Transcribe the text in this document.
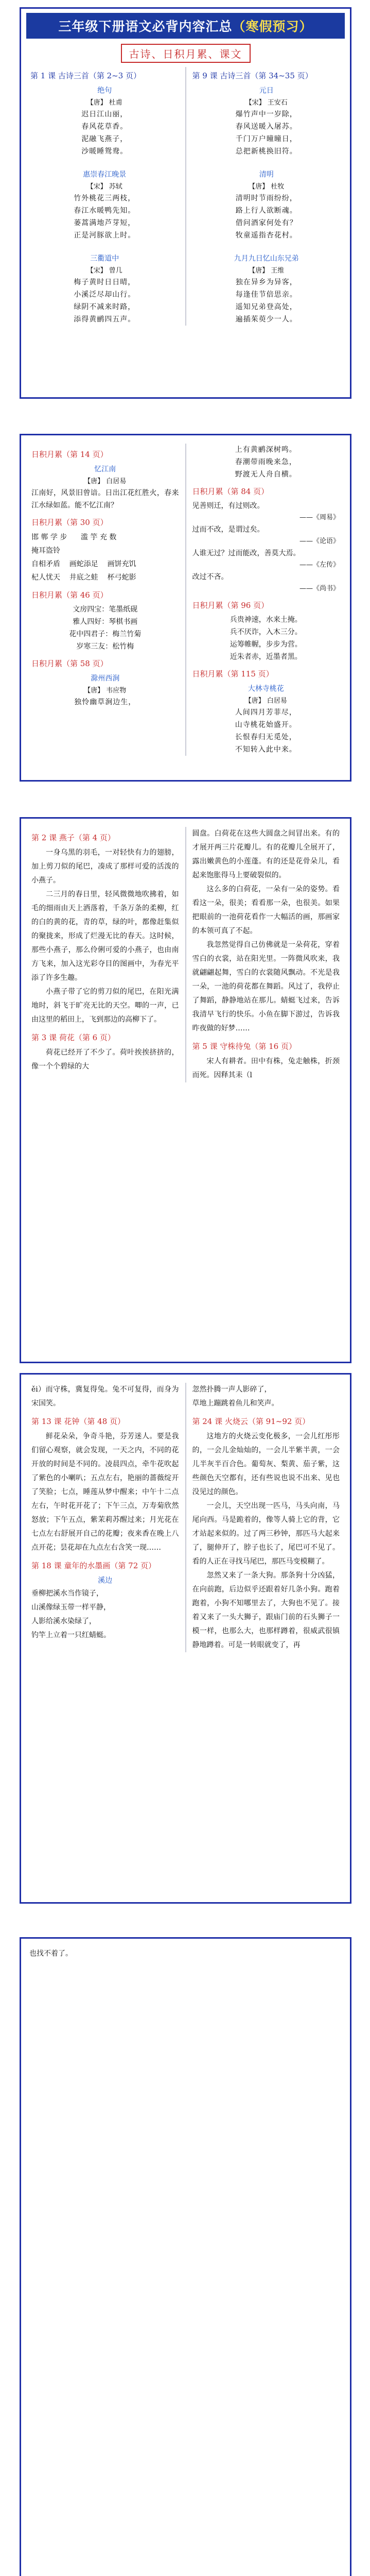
三年级下册语文必背内容汇总（寒假预习）
古诗、日积月累、课文
第 1 课 古诗三首（第 2~3 页）
绝句
【唐】 杜甫
迟日江山丽，
春风花草香。
泥融飞燕子，
沙暖睡鸳鸯。
惠崇春江晚景
【宋】 苏轼
竹外桃花三两枝，
春江水暖鸭先知。
蒌蒿满地芦芽短，
正是河豚欲上时。
三衢道中
【宋】 曾几
梅子黄时日日晴，
小溪泛尽却山行。
绿阴不减来时路，
添得黄鹂四五声。
第 9 课 古诗三首（第 34~35 页）
元日
【宋】 王安石
爆竹声中一岁除，
春风送暖入屠苏。
千门万户曈曈日，
总把新桃换旧符。
清明
【唐】 杜牧
清明时节雨纷纷，
路上行人欲断魂。
借问酒家何处有？
牧童遥指杏花村。
九月九日忆山东兄弟
【唐】 王维
独在异乡为异客，
每逢佳节倍思亲。
遥知兄弟登高处，
遍插茱萸少一人。
日积月累（第 14 页）
忆江南
【唐】 白居易
江南好，风景旧曾谙。日出江花红胜火，春来江水绿如蓝。能不忆江南？
日积月累（第 30 页）
邯 郸 学 步      滥 竽 充 数
掩耳盗铃
自相矛盾    画蛇添足    画饼充饥
杞人忧天    井底之蛙    杯弓蛇影
日积月累（第 46 页）
文房四宝：笔墨纸砚
雅人四好：琴棋书画
花中四君子：梅兰竹菊
岁寒三友：松竹梅
日积月累（第 58 页）
滁州西涧
【唐】 韦应物
独怜幽草涧边生，
上有黄鹂深树鸣。
春潮带雨晚来急，
野渡无人舟自横。
日积月累（第 84 页）
见善则迁，有过则改。
——《周易》
过而不改，是谓过矣。
——《论语》
人谁无过？过而能改，善莫大焉。
——《左传》
改过不吝。
——《尚书》
日积月累（第 96 页）
兵贵神速，水来土掩。
兵不厌诈，入木三分。
运筹帷幄，步步为营。
近朱者赤，近墨者黑。
日积月累（第 115 页）
大林寺桃花
【唐】 白居易
人间四月芳菲尽，
山寺桃花始盛开。
长恨春归无觅处，
不知转入此中来。
第 2 课 燕子（第 4 页）
一身乌黑的羽毛，一对轻快有力的翅膀，加上剪刀似的尾巴，凑成了那样可爱的活泼的小燕子。
二三月的春日里，轻风微微地吹拂着，如毛的细雨由天上洒落着，千条万条的柔柳，红的白的黄的花，青的草，绿的叶，都像赶集似的聚拢来，形成了烂漫无比的春天。这时候，那些小燕子，那么伶俐可爱的小燕子，也由南方飞来，加入这光彩夺目的图画中，为春光平添了许多生趣。
小燕子带了它的剪刀似的尾巴，在阳光满地时，斜飞于旷亮无比的天空。唧的一声，已由这里的稻田上，飞到那边的高柳下了。
第 3 课 荷花（第 6 页）
荷花已经开了不少了。荷叶挨挨挤挤的，像一个个碧绿的大
圆盘。白荷花在这些大圆盘之间冒出来。有的才展开两三片花瓣儿。有的花瓣儿全展开了，露出嫩黄色的小莲蓬。有的还是花骨朵儿，看起来饱胀得马上要破裂似的。
这么多的白荷花，一朵有一朵的姿势。看看这一朵，很美；看看那一朵，也很美。如果把眼前的一池荷花看作一大幅活的画，那画家的本领可真了不起。
我忽然觉得自己仿佛就是一朵荷花，穿着雪白的衣裳，站在阳光里。一阵微风吹来，我就翩翩起舞，雪白的衣裳随风飘动。不光是我一朵，一池的荷花都在舞蹈。风过了，我停止了舞蹈，静静地站在那儿。蜻蜓飞过来，告诉我清早飞行的快乐。小鱼在脚下游过，告诉我昨夜做的好梦……
第 5 课 守株待兔（第 16 页）
宋人有耕者。田中有株，兔走触株，折颈而死。因释其耒（l
ěi）而守株，冀复得兔。兔不可复得，而身为宋国笑。
第 13 课 花钟（第 48 页）
鲜花朵朵，争奇斗艳，芬芳迷人。要是我们留心观察，就会发现，一天之内，不同的花开放的时间是不同的。凌晨四点，牵牛花吹起了紫色的小喇叭；五点左右，艳丽的蔷薇绽开了笑脸；七点，睡莲从梦中醒来；中午十二点左右，午时花开花了；下午三点，万寿菊欣然怒放；下午五点，紫茉莉苏醒过来；月光花在七点左右舒展开自己的花瓣；夜来香在晚上八点开花；昙花却在九点左右含笑一现……
第 18 课 童年的水墨画（第 72 页）
溪边
垂柳把溪水当作镜子，
山溪像绿玉带一样平静，
人影给溪水染绿了，
钓竿上立着一只红蜻蜓。
忽然扑腾一声人影碎了，
草地上蹦跳着鱼儿和笑声。
第 24 课 火烧云（第 91~92 页）
这地方的火烧云变化极多，一会儿红彤彤的，一会儿金灿灿的，一会儿半紫半黄，一会儿半灰半百合色。葡萄灰、梨黄、茄子紫，这些颜色天空都有，还有些说也说不出来、见也没见过的颜色。
一会儿，天空出现一匹马，马头向南，马尾向西。马是跪着的，像等人骑上它的背，它才站起来似的。过了两三秒钟，那匹马大起来了，腿伸开了，脖子也长了，尾巴可不见了。看的人正在寻找马尾巴，那匹马变模糊了。
忽然又来了一条大狗。那条狗十分凶猛，在向前跑，后边似乎还跟着好几条小狗。跑着跑着，小狗不知哪里去了，大狗也不见了。接着又来了一头大狮子，跟庙门前的石头狮子一模一样，也那么大，也那样蹲着，很威武很镇静地蹲着。可是一转眼就变了，再
也找不着了。
